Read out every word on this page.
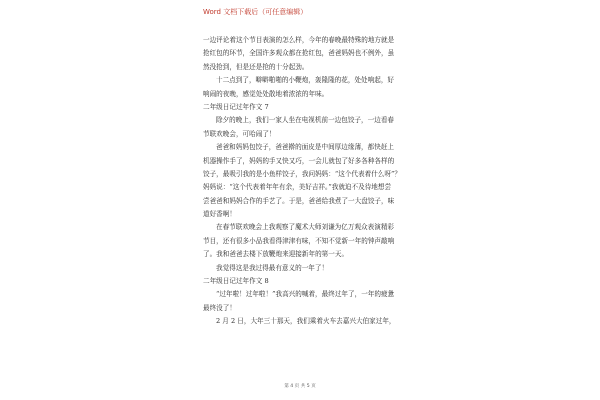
Word 文档下载后（可任意编辑）
一边评论着这个节目表演的怎么样，今年的春晚最特殊的地方就是
抢红包的环节，全国许多观众都在抢红包，爸爸妈妈也不例外，虽
然没抢到，但是还是抢的十分起劲。
十二点到了，噼噼啪啪的小鞭炮，轰隆隆的花，处处响起，好
响闹的夜晚，感觉处处散地着浓浓的年味。
二年级日记过年作文 7
除夕的晚上，我们一家人坐在电视机前一边包饺子，一边看春
节联欢晚会，可哈闹了！
爸爸和妈妈包饺子，爸爸擀的面皮是中间厚边缘薄，都快赶上
机器操作手了，妈妈的手又快又巧，一会儿就包了好多各种各样的
饺子，最吸引我的是小鱼样饺子，我问妈妈：“这个代表着什么呀”？
妈妈说：“这个代表着年年有余，美好吉祥。”我就迫不及待地想尝
尝爸爸和妈妈合作的手艺了。于是，爸爸给我煮了一大盘饺子，味
道好香啊！
在春节联欢晚会上我观察了魔术大师刘谦为亿万观众表演精彩
节目，还有很多小品我看得津津有味，不知不觉新一年的钟声敲响
了。我和爸爸去楼下放鞭炮来迎接新年的第一天。
我觉得这是我过得最有意义的一年了！
二年级日记过年作文 8
“过年啦！过年啦！”我高兴的喊着，最终过年了，一年的疲惫
最终没了！
2 月 2 日，大年三十那天，我们乘着火车去嘉兴大伯家过年，
第 4 页 共 5 页
